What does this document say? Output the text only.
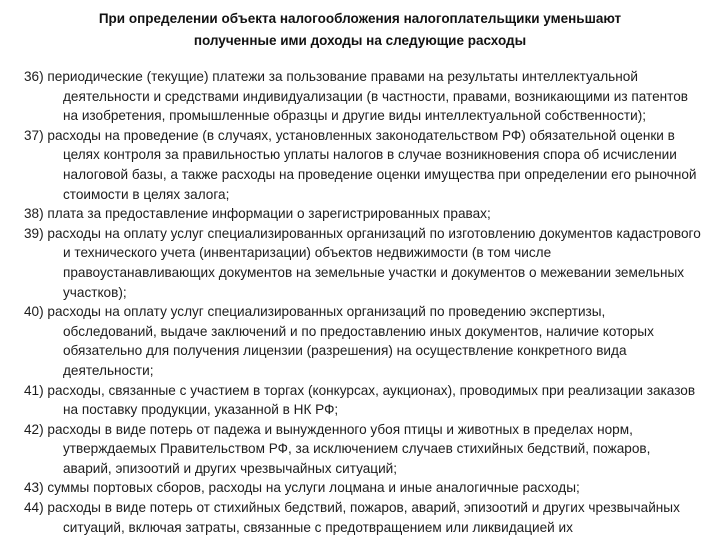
При определении объекта налогообложения налогоплательщики уменьшают
полученные ими доходы на следующие расходы
36) периодические (текущие) платежи за пользование правами на результаты интеллектуальной деятельности и средствами индивидуализации (в частности, правами, возникающими из патентов на изобретения, промышленные образцы и другие виды интеллектуальной собственности);
37) расходы на проведение (в случаях, установленных законодательством РФ) обязательной оценки в целях контроля за правильностью уплаты налогов в случае возникновения спора об исчислении налоговой базы, а также расходы на проведение оценки имущества при определении его рыночной стоимости в целях залога;
38) плата за предоставление информации о зарегистрированных правах;
39) расходы на оплату услуг специализированных организаций по изготовлению документов кадастрового и технического учета (инвентаризации) объектов недвижимости (в том числе правоустанавливающих документов на земельные участки и документов о межевании земельных участков);
40) расходы на оплату услуг специализированных организаций по проведению экспертизы, обследований, выдаче заключений и по предоставлению иных документов, наличие которых обязательно для получения лицензии (разрешения) на осуществление конкретного вида деятельности;
41) расходы, связанные с участием в торгах (конкурсах, аукционах), проводимых при реализации заказов на поставку продукции, указанной в НК РФ;
42) расходы в виде потерь от падежа и вынужденного убоя птицы и животных в пределах норм, утверждаемых Правительством РФ, за исключением случаев стихийных бедствий, пожаров, аварий, эпизоотий и других чрезвычайных ситуаций;
43) суммы портовых сборов, расходы на услуги лоцмана и иные аналогичные расходы;
44) расходы в виде потерь от стихийных бедствий, пожаров, аварий, эпизоотий и других чрезвычайных ситуаций, включая затраты, связанные с предотвращением или ликвидацией их
